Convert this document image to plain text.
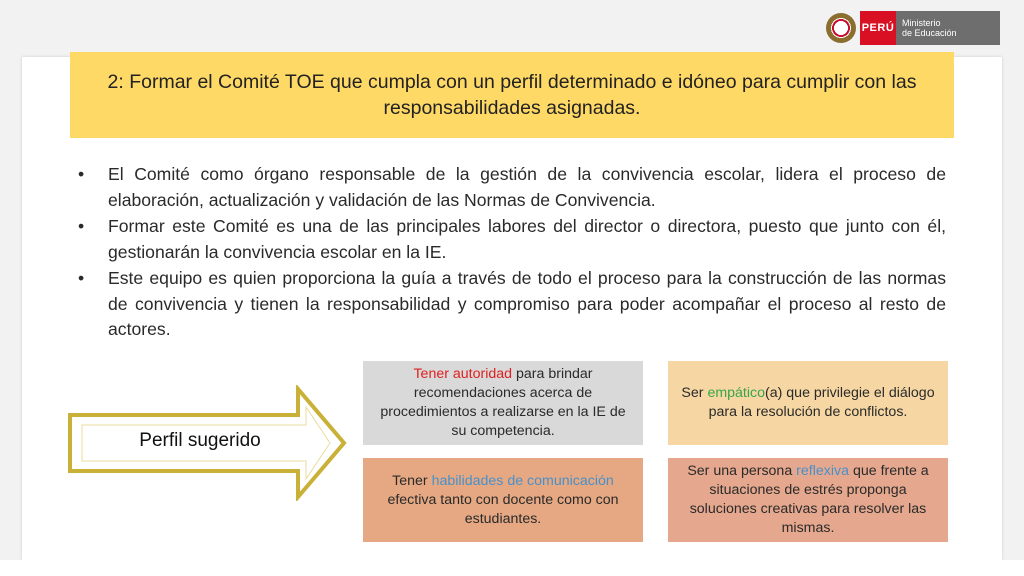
PERÚ Ministerio
de Educación
2: Formar el Comité TOE que cumpla con un perfil determinado e idóneo para cumplir con las responsabilidades asignadas.
• El Comité como órgano responsable de la gestión de la convivencia escolar, lidera el proceso de elaboración, actualización y validación de las Normas de Convivencia.
• Formar este Comité es una de las principales labores del director o directora, puesto que junto con él, gestionarán la convivencia escolar en la IE.
• Este equipo es quien proporciona la guía a través de todo el proceso para la construcción de las normas de convivencia y tienen la responsabilidad y compromiso para poder acompañar el proceso al resto de actores.
Perfil sugerido
Tener autoridad para brindar recomendaciones acerca de procedimientos a realizarse en la IE de su competencia.
Ser empático(a) que privilegie el diálogo para la resolución de conflictos.
Tener habilidades de comunicación efectiva tanto con docente como con estudiantes.
Ser una persona reflexiva que frente a situaciones de estrés proponga soluciones creativas para resolver las mismas.
